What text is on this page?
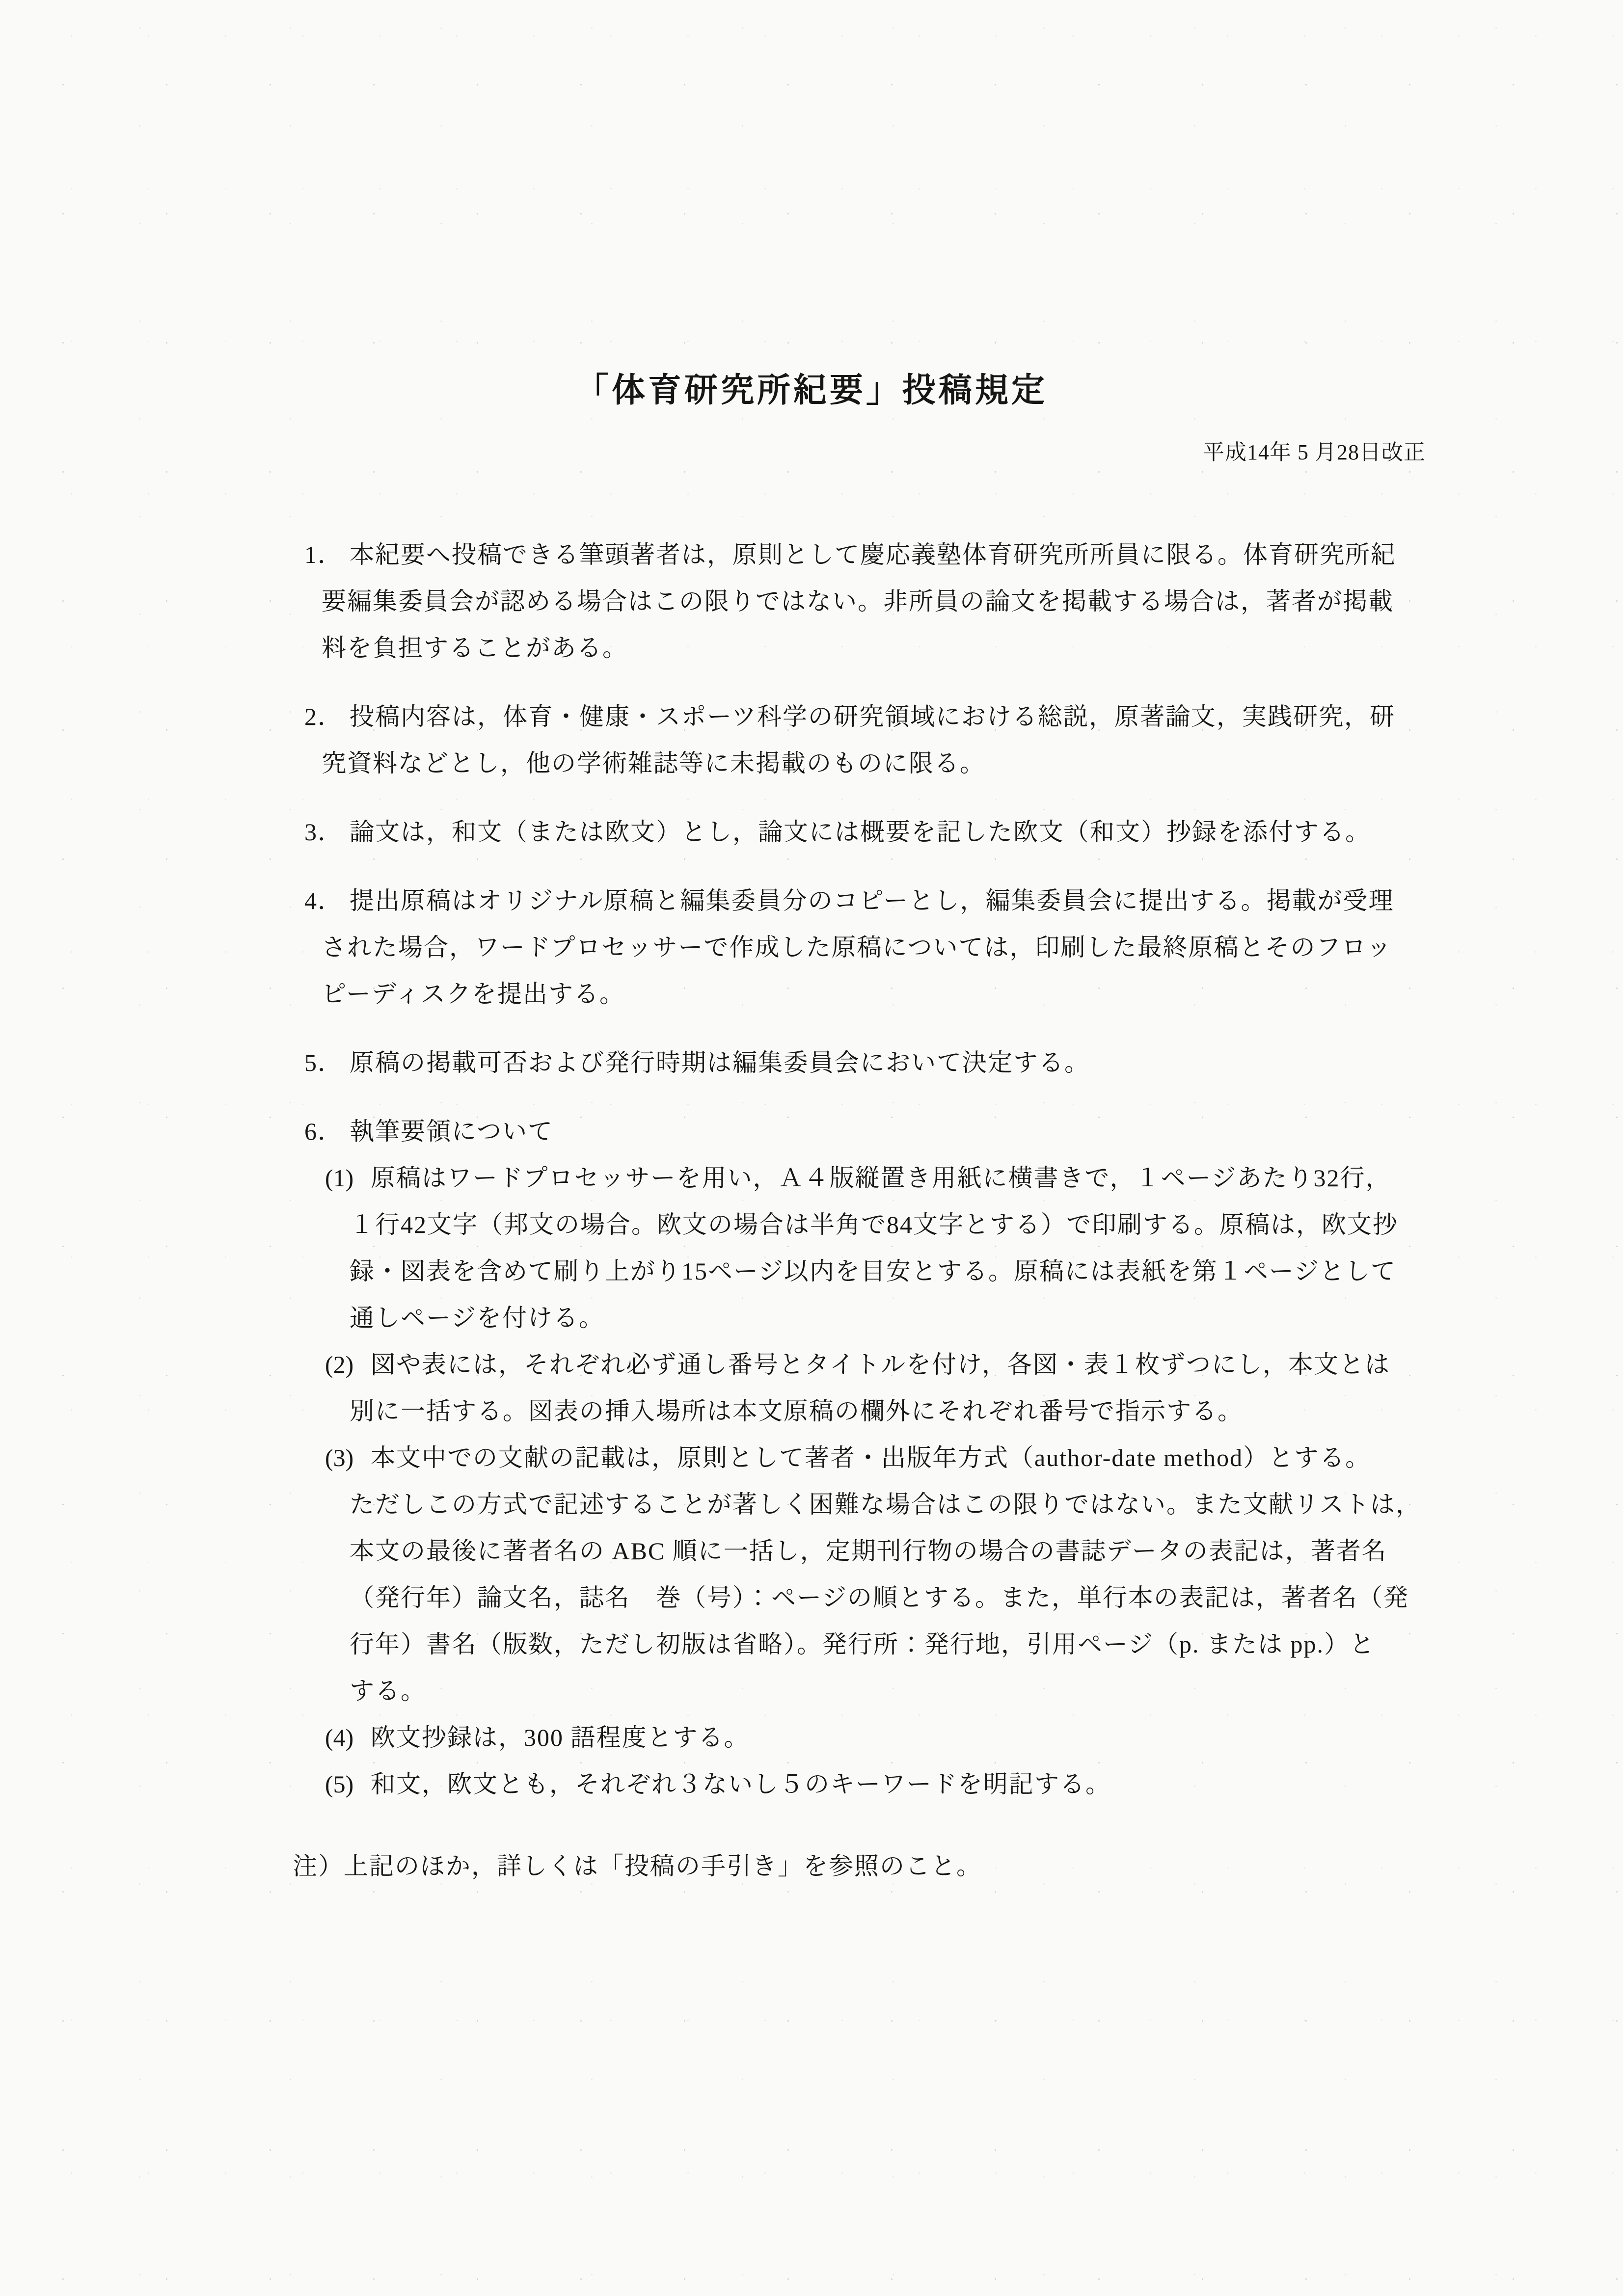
「体育研究所紀要」投稿規定
平成14年 5 月28日改正
1． 本紀要へ投稿できる筆頭著者は，原則として慶応義塾体育研究所所員に限る。体育研究所紀
要編集委員会が認める場合はこの限りではない。非所員の論文を掲載する場合は，著者が掲載
料を負担することがある。
2． 投稿内容は，体育・健康・スポーツ科学の研究領域における総説，原著論文，実践研究，研
究資料などとし，他の学術雑誌等に未掲載のものに限る。
3． 論文は，和文（または欧文）とし，論文には概要を記した欧文（和文）抄録を添付する。
4． 提出原稿はオリジナル原稿と編集委員分のコピーとし，編集委員会に提出する。掲載が受理
された場合，ワードプロセッサーで作成した原稿については，印刷した最終原稿とそのフロッ
ピーディスクを提出する。
5． 原稿の掲載可否および発行時期は編集委員会において決定する。
6． 執筆要領について
(1) 原稿はワードプロセッサーを用い，Ａ４版縦置き用紙に横書きで，１ページあたり32行，
１行42文字（邦文の場合。欧文の場合は半角で84文字とする）で印刷する。原稿は，欧文抄
録・図表を含めて刷り上がり15ページ以内を目安とする。原稿には表紙を第１ページとして
通しページを付ける。
(2) 図や表には，それぞれ必ず通し番号とタイトルを付け，各図・表１枚ずつにし，本文とは
別に一括する。図表の挿入場所は本文原稿の欄外にそれぞれ番号で指示する。
(3) 本文中での文献の記載は，原則として著者・出版年方式（author-date method）とする。
ただしこの方式で記述することが著しく困難な場合はこの限りではない。また文献リストは，
本文の最後に著者名の ABC 順に一括し，定期刊行物の場合の書誌データの表記は，著者名
（発行年）論文名，誌名　巻（号）：ページの順とする。また，単行本の表記は，著者名（発
行年）書名（版数，ただし初版は省略）。発行所：発行地，引用ページ（p. または pp.）と
する。
(4) 欧文抄録は，300 語程度とする。
(5) 和文，欧文とも，それぞれ３ないし５のキーワードを明記する。
注）上記のほか，詳しくは「投稿の手引き」を参照のこと。
